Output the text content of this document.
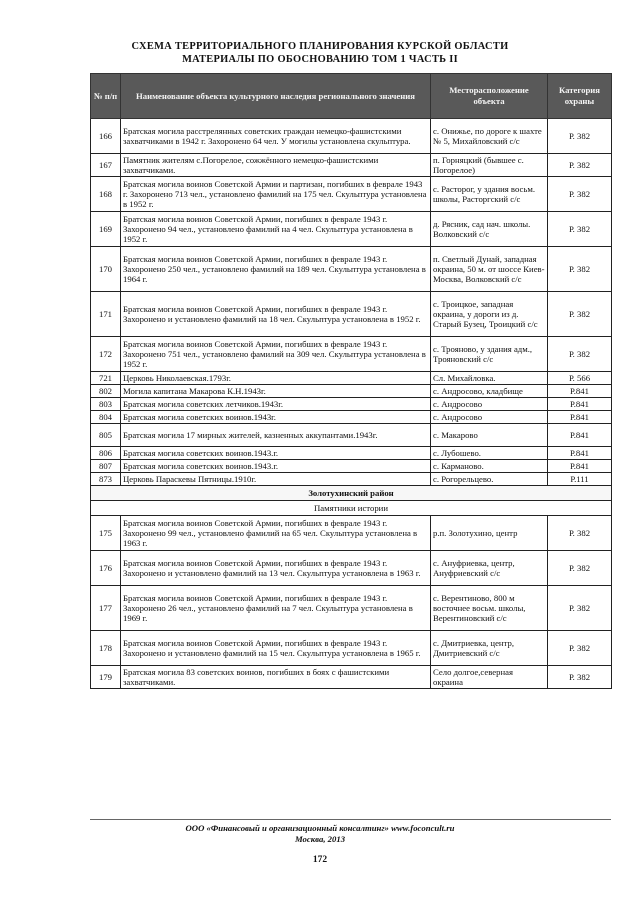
СХЕМА ТЕРРИТОРИАЛЬНОГО ПЛАНИРОВАНИЯ КУРСКОЙ ОБЛАСТИ
МАТЕРИАЛЫ ПО ОБОСНОВАНИЮ ТОМ 1 ЧАСТЬ II
№ п/п	Наименование объекта культурного наследия регионального значения	Месторасположение объекта	Категория охраны
166	Братская могила расстрелянных советских граждан немецко-фашистскими захватчиками в 1942 г. Захоронено 64 чел. У могилы установлена скульптура.	с. Онижье, по дороге к шахте № 5, Михайловский с/с	Р. 382
167	Памятник жителям с.Погорелое, сожжённого немецко-фашистскими захватчиками.	п. Горняцкий (бывшее с. Погорелое)	Р. 382
168	Братская могила воинов Советской Армии и партизан, погибших в феврале 1943 г. Захоронено 713 чел., установлено фамилий на 175 чел. Скульптура установлена в 1952 г.	с. Расторог, у здания восьм. школы, Расторгский с/с	Р. 382
169	Братская могила воинов Советской Армии, погибших в феврале 1943 г. Захоронено 94 чел., установлено фамилий на 4 чел. Скульптура установлена в 1952 г.	д. Рясник, сад нач. школы. Волковский с/с	Р. 382
170	Братская могила воинов Советской Армии, погибших в феврале 1943 г. Захоронено 250 чел., установлено фамилий на 189 чел. Скульптура установлена в 1964 г.	п. Светлый Дунай, западная окраина, 50 м. от шоссе Киев-Москва, Волковский с/с	Р. 382
171	Братская могила воинов Советской Армии, погибших в феврале 1943 г. Захоронено и установлено фамилий на 18 чел. Скульптура установлена в 1952 г.	с. Троицкое, западная окраина, у дороги из д. Старый Бузец, Троицкий с/с	Р. 382
172	Братская могила воинов Советской Армии, погибших в феврале 1943 г. Захоронено 751 чел., установлено фамилий на 309 чел. Скульптура установлена в 1952 г.	с. Трояново, у здания адм., Трояновский с/с	Р. 382
721	Церковь Николаевская.1793г.	Сл. Михайловка.	Р. 566
802	Могила капитана Макарова К.Н.1943г.	с. Андросово, кладбище	Р.841
803	Братская могила советских летчиков.1943г.	с. Андросово	Р.841
804	Братская могила советских воинов.1943г.	с. Андросово	Р.841
805	Братская могила 17 мирных жителей, казненных аккупантами.1943г.	с. Макарово	Р.841
806	Братская могила советских воинов.1943.г.	с. Лубошево.	Р.841
807	Братская могила советских воинов.1943.г.	с. Карманово.	Р.841
873	Церковь Параскевы Пятницы.1910г.	с. Рогорельцево.	Р.111
Золотухинский район			
Памятники истории			
175	Братская могила воинов Советской Армии, погибших в феврале 1943 г. Захоронено 99 чел., установлено фамилий на 65 чел. Скульптура установлена в 1963 г.	р.п. Золотухино, центр	Р. 382
176	Братская могила воинов Советской Армии, погибших в феврале 1943 г. Захоронено и установлено фамилий на 13 чел. Скульптура установлена в 1963 г.	с. Ануфриевка, центр, Ануфриевский с/с	Р. 382
177	Братская могила воинов Советской Армии, погибших в феврале 1943 г. Захоронено 26 чел., установлено фамилий на 7 чел. Скульптура установлена в 1969 г.	с. Верентиново, 800 м восточнее восьм. школы, Верентиновский с/с	Р. 382
178	Братская могила воинов Советской Армии, погибших в феврале 1943 г. Захоронено и установлено фамилий на 15 чел. Скульптура установлена в 1965 г.	с. Дмитриевка, центр, Дмитриевский с/с	Р. 382
179	Братская могила 83 советских воинов, погибших в боях с фашистскими захватчиками.	Село долгое,северная окраина	Р. 382
ООО «Финансовый и организационный консалтинг» www.foconcult.ru
Москва, 2013
172
